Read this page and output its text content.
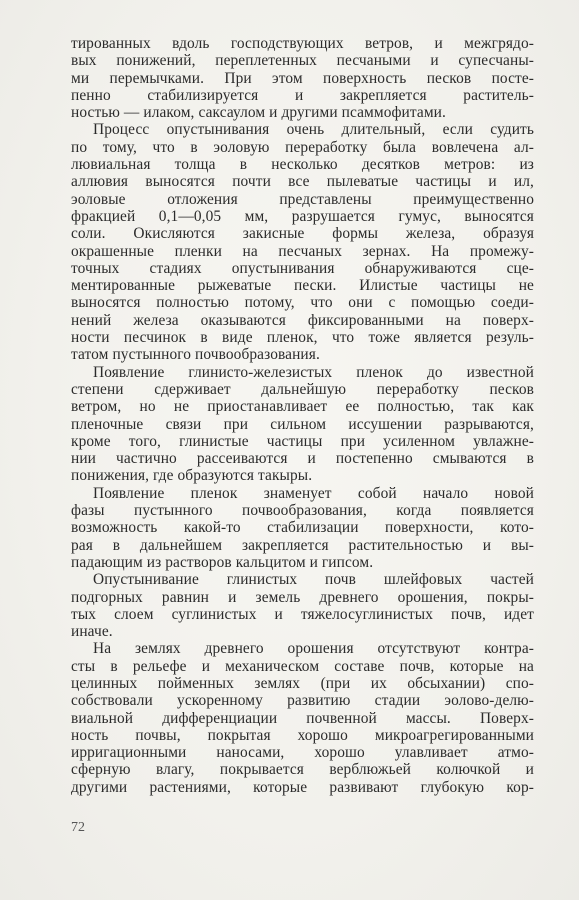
тированных вдоль господствующих ветров, и межгрядо-
вых понижений, переплетенных песчаными и супесчаны-
ми перемычками. При этом поверхность песков посте-
пенно стабилизируется и закрепляется раститель-
ностью — илаком, саксаулом и другими псаммофитами.
Процесс опустынивания очень длительный, если судить
по тому, что в эоловую переработку была вовлечена ал-
лювиальная толща в несколько десятков метров: из
аллювия выносятся почти все пылеватые частицы и ил,
эоловые отложения представлены преимущественно
фракцией 0,1—0,05 мм, разрушается гумус, выносятся
соли. Окисляются закисные формы железа, образуя
окрашенные пленки на песчаных зернах. На промежу-
точных стадиях опустынивания обнаруживаются сце-
ментированные рыжеватые пески. Илистые частицы не
выносятся полностью потому, что они с помощью соеди-
нений железа оказываются фиксированными на поверх-
ности песчинок в виде пленок, что тоже является резуль-
татом пустынного почвообразования.
Появление глинисто-железистых пленок до известной
степени сдерживает дальнейшую переработку песков
ветром, но не приостанавливает ее полностью, так как
пленочные связи при сильном иссушении разрываются,
кроме того, глинистые частицы при усиленном увлажне-
нии частично рассеиваются и постепенно смываются в
понижения, где образуются такыры.
Появление пленок знаменует собой начало новой
фазы пустынного почвообразования, когда появляется
возможность какой-то стабилизации поверхности, кото-
рая в дальнейшем закрепляется растительностью и вы-
падающим из растворов кальцитом и гипсом.
Опустынивание глинистых почв шлейфовых частей
подгорных равнин и земель древнего орошения, покры-
тых слоем суглинистых и тяжелосуглинистых почв, идет
иначе.
На землях древнего орошения отсутствуют контра-
сты в рельефе и механическом составе почв, которые на
целинных пойменных землях (при их обсыхании) спо-
собствовали ускоренному развитию стадии эолово-делю-
виальной дифференциации почвенной массы. Поверх-
ность почвы, покрытая хорошо микроагрегированными
ирригационными наносами, хорошо улавливает атмо-
сферную влагу, покрывается верблюжьей колючкой и
другими растениями, которые развивают глубокую кор-
72
